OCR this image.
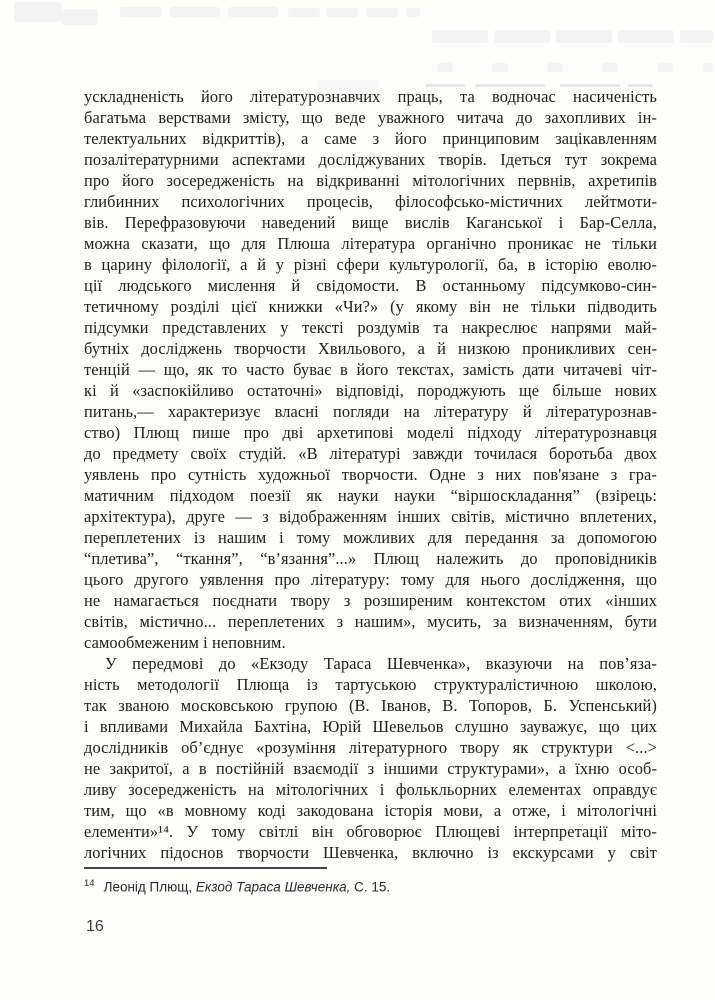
ускладненість його літературознавчих праць, та водночас насиченість
багатьма верствами змісту, що веде уважного читача до захопливих ін-
телектуальних відкриттів), а саме з його принциповим зацікавленням
позалітературними аспектами досліджуваних творів. Ідеться тут зокрема
про його зосередженість на відкриванні мітологічних первнів, ахретипів
глибинних психологічних процесів, філософсько-містичних лейтмоти-
вів. Перефразовуючи наведений вище вислів Каганської і Бар-Селла,
можна сказати, що для Плюша література органічно проникає не тільки
в царину філології, а й у різні сфери культурології, ба, в історію еволю-
ції людського мислення й свідомости. В останньому підсумково-син-
тетичному розділі цієї книжки «Чи?» (у якому він не тільки підводить
підсумки представлених у тексті роздумів та накреслює напрями май-
бутніх досліджень творчости Хвильового, а й низкою проникливих сен-
тенцій — що, як то часто буває в його текстах, замість дати читачеві чіт-
кі й «заспокійливо остаточні» відповіді, породжують ще більше нових
питань,— характеризує власні погляди на літературу й літературознав-
ство) Плющ пише про дві архетипові моделі підходу літературознавця
до предмету своїх студій. «В літературі завжди точилася боротьба двох
уявлень про сутність художньої творчости. Одне з них пов'язане з гра-
матичним підходом поезії як науки науки “віршоскладання” (взірець:
архітектура), друге — з відображенням інших світів, містично вплетених,
переплетених із нашим і тому можливих для передання за допомогою
“плетива”, “ткання”, “в’язання”...» Плющ належить до проповідників
цього другого уявлення про літературу: тому для нього дослідження, що
не намагається поєднати твору з розширеним контекстом отих «інших
світів, містично... переплетених з нашим», мусить, за визначенням, бути
самообмеженим і неповним.
У передмові до «Екзоду Тараса Шевченка», вказуючи на пов’яза-
ність методології Плюща із тартуською структуралістичною школою,
так званою московською групою (В. Іванов, В. Топоров, Б. Успенський)
і впливами Михайла Бахтіна, Юрій Шевельов слушно зауважує, що цих
дослідників об’єднує «розуміння літературного твору як структури <...>
не закритої, а в постійній взаємодії з іншими структурами», а їхню особ-
ливу зосередженість на мітологічних і фолькльорних елементах оправдує
тим, що «в мовному коді закодована історія мови, а отже, і мітологічні
елементи»¹⁴. У тому світлі він обговорює Плющеві інтерпретації міто-
логічних підоснов творчости Шевченка, включно із екскурсами у світ
$^{14}$ Леонід Плющ, Екзод Тараса Шевченка, С. 15.
16
